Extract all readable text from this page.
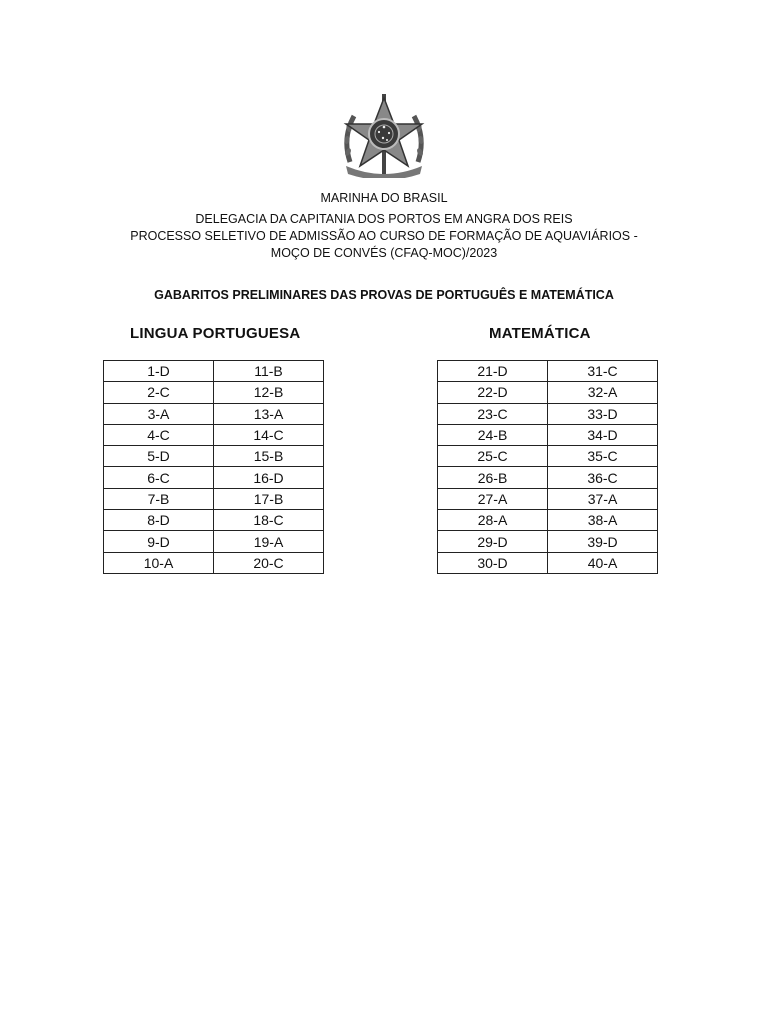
MARINHA DO BRASIL
DELEGACIA DA CAPITANIA DOS PORTOS EM ANGRA DOS REIS
PROCESSO SELETIVO DE ADMISSÃO AO CURSO DE FORMAÇÃO DE AQUAVIÁRIOS -
MOÇO DE CONVÉS (CFAQ-MOC)/2023
GABARITOS PRELIMINARES DAS PROVAS DE PORTUGUÊS E MATEMÁTICA
LINGUA PORTUGUESA	MATEMÁTICA
1-D	11-B
2-C	12-B
3-A	13-A
4-C	14-C
5-D	15-B
6-C	16-D
7-B	17-B
8-D	18-C
9-D	19-A
10-A	20-C
21-D	31-C
22-D	32-A
23-C	33-D
24-B	34-D
25-C	35-C
26-B	36-C
27-A	37-A
28-A	38-A
29-D	39-D
30-D	40-A
